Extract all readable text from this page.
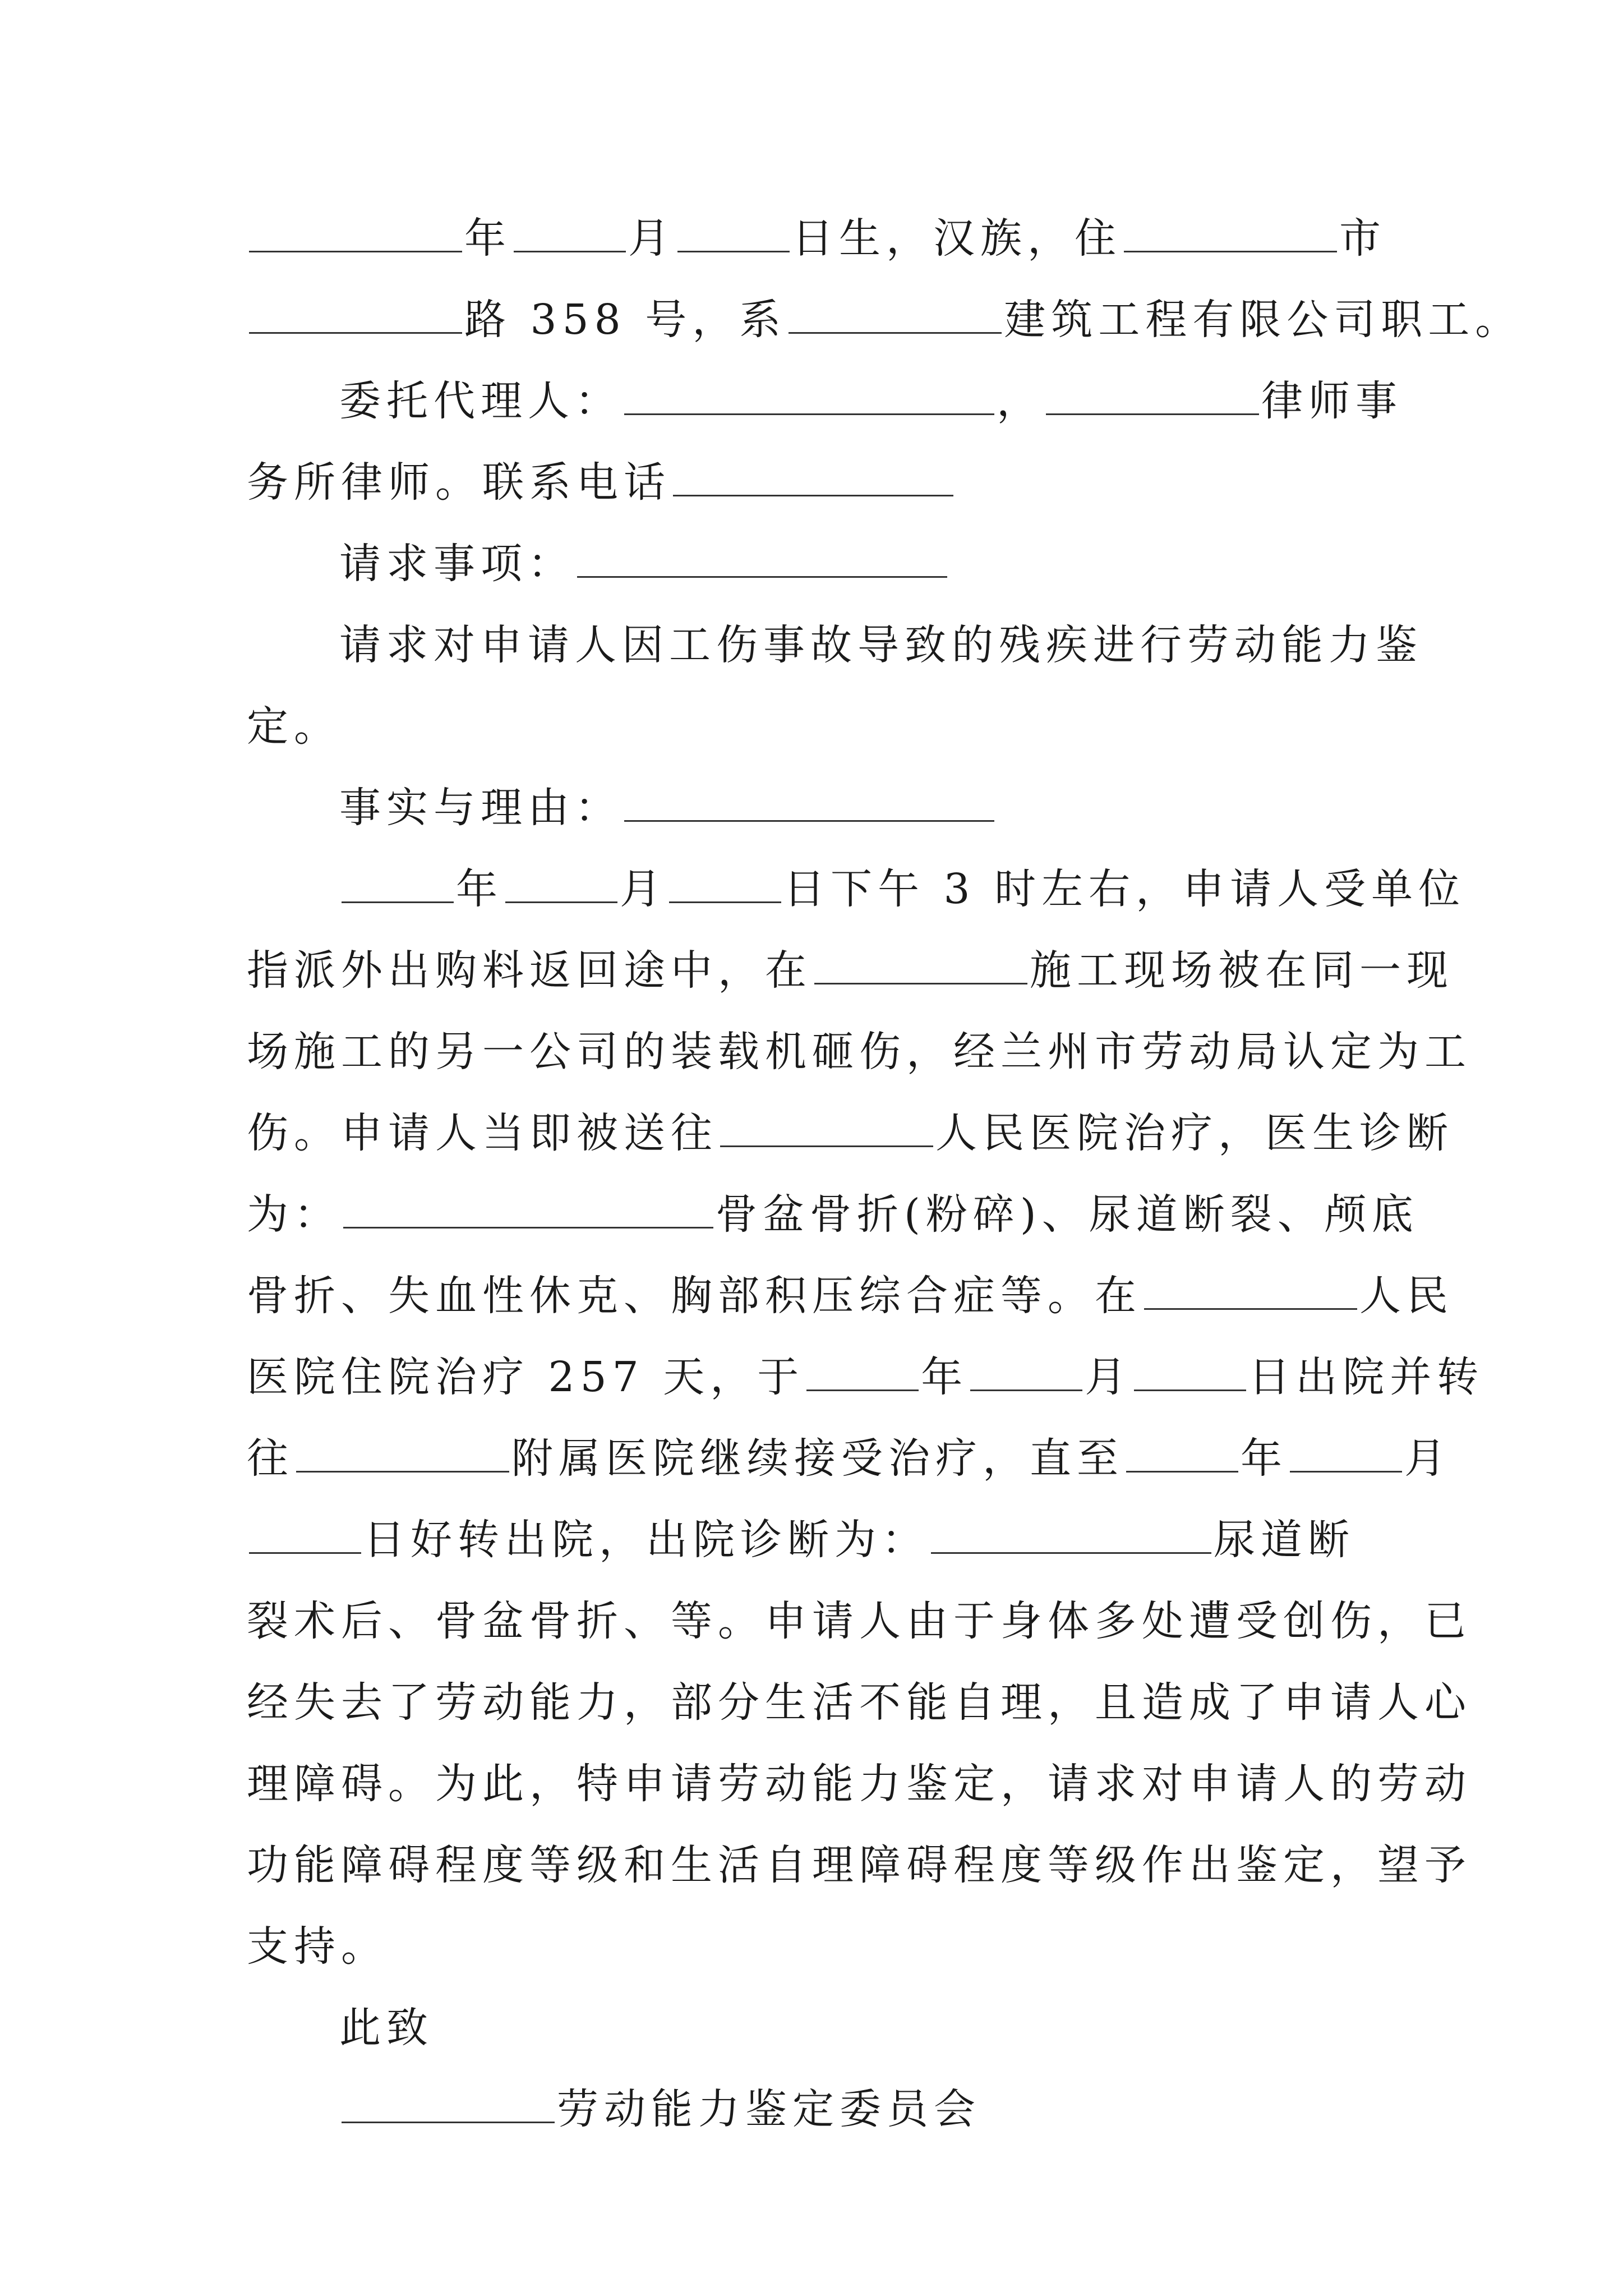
年	月	日生，汉族，住	市
路 358 号，系	建筑工程有限公司职工。
委托代理人：	，	律师事
务所律师。联系电话
请求事项：
请求对申请人因工伤事故导致的残疾进行劳动能力鉴
定。
事实与理由：
年	月	日下午 3 时左右，申请人受单位
指派外出购料返回途中，在	施工现场被在同一现
场施工的另一公司的装载机砸伤，经兰州市劳动局认定为工
伤。申请人当即被送往	人民医院治疗，医生诊断
为：	骨盆骨折(粉碎)、尿道断裂、颅底
骨折、失血性休克、胸部积压综合症等。在	人民
医院住院治疗 257 天，于	年	月	日出院并转
往	附属医院继续接受治疗，直至	年	月
日好转出院，出院诊断为：	尿道断
裂术后、骨盆骨折、等。申请人由于身体多处遭受创伤，已
经失去了劳动能力，部分生活不能自理，且造成了申请人心
理障碍。为此，特申请劳动能力鉴定，请求对申请人的劳动
功能障碍程度等级和生活自理障碍程度等级作出鉴定，望予
支持。
此致
劳动能力鉴定委员会
